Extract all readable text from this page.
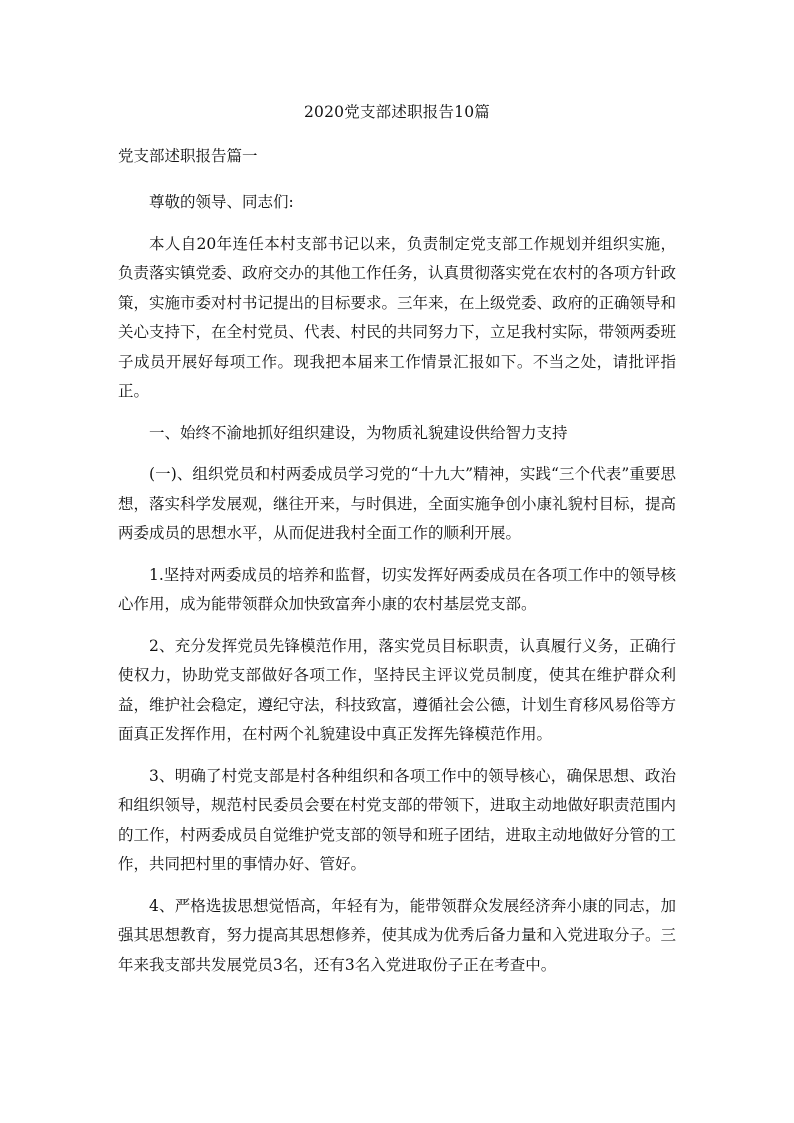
2020党支部述职报告10篇
党支部述职报告篇一

尊敬的领导、同志们:

本人自20年连任本村支部书记以来，负责制定党支部工作规划并组织实施，负责落实镇党委、政府交办的其他工作任务，认真贯彻落实党在农村的各项方针政策，实施市委对村书记提出的目标要求。三年来，在上级党委、政府的正确领导和关心支持下，在全村党员、代表、村民的共同努力下，立足我村实际，带领两委班子成员开展好每项工作。现我把本届来工作情景汇报如下。不当之处，请批评指正。

一、始终不渝地抓好组织建设，为物质礼貌建设供给智力支持

(一)、组织党员和村两委成员学习党的“十九大”精神，实践“三个代表”重要思想，落实科学发展观，继往开来，与时俱进，全面实施争创小康礼貌村目标，提高两委成员的思想水平，从而促进我村全面工作的顺利开展。

1.坚持对两委成员的培养和监督，切实发挥好两委成员在各项工作中的领导核心作用，成为能带领群众加快致富奔小康的农村基层党支部。

2、充分发挥党员先锋模范作用，落实党员目标职责，认真履行义务，正确行使权力，协助党支部做好各项工作，坚持民主评议党员制度，使其在维护群众利益，维护社会稳定，遵纪守法，科技致富，遵循社会公德，计划生育移风易俗等方面真正发挥作用，在村两个礼貌建设中真正发挥先锋模范作用。

3、明确了村党支部是村各种组织和各项工作中的领导核心，确保思想、政治和组织领导，规范村民委员会要在村党支部的带领下，进取主动地做好职责范围内的工作，村两委成员自觉维护党支部的领导和班子团结，进取主动地做好分管的工作，共同把村里的事情办好、管好。

4、严格选拔思想觉悟高，年轻有为，能带领群众发展经济奔小康的同志，加强其思想教育，努力提高其思想修养，使其成为优秀后备力量和入党进取分子。三年来我支部共发展党员3名，还有3名入党进取份子正在考查中。
